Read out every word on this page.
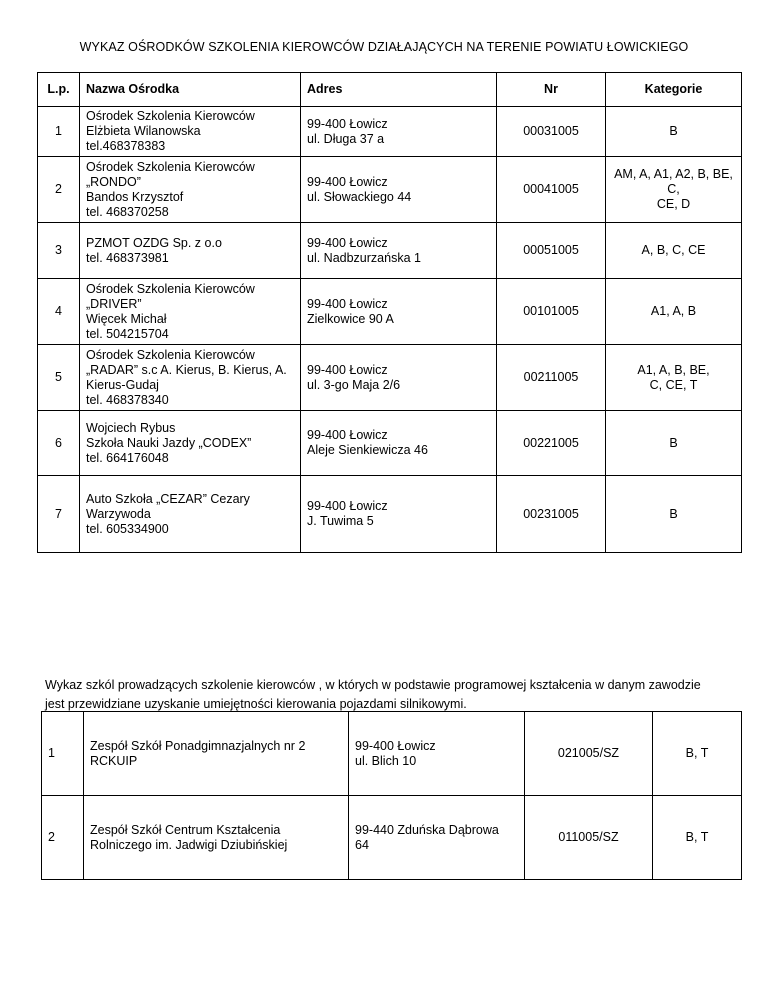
WYKAZ OŚRODKÓW SZKOLENIA KIEROWCÓW DZIAŁAJĄCYCH NA TERENIE POWIATU ŁOWICKIEGO
L.p.	Nazwa Ośrodka	Adres	Nr	Kategorie
1	Ośrodek Szkolenia Kierowców
Elżbieta Wilanowska
tel.468378383	99-400 Łowicz
ul. Długa 37 a	00031005	B

2	Ośrodek Szkolenia Kierowców
„RONDO”
Bandos Krzysztof
tel. 468370258	99-400 Łowicz
ul. Słowackiego 44	00041005	AM, A, A1, A2, B, BE, C,
CE, D

3	PZMOT OZDG Sp. z o.o
tel. 468373981	99-400 Łowicz
ul. Nadbzurzańska 1	00051005	A, B, C, CE

4	Ośrodek Szkolenia Kierowców
„DRIVER”
Więcek Michał
tel. 504215704	99-400 Łowicz
Zielkowice 90 A	00101005	A1, A, B

5	Ośrodek Szkolenia Kierowców
„RADAR” s.c A. Kierus, B. Kierus, A.
Kierus-Gudaj
tel. 468378340	99-400 Łowicz
ul. 3-go Maja 2/6	00211005	A1, A, B, BE,
C, CE, T

6	Wojciech Rybus
Szkoła Nauki Jazdy „CODEX”
tel. 664176048	99-400 Łowicz
Aleje Sienkiewicza 46	00221005	B

7	Auto Szkoła „CEZAR” Cezary
Warzywoda
tel. 605334900	99-400 Łowicz
J. Tuwima 5	00231005	B
Wykaz szkól prowadzących szkolenie kierowców , w których w podstawie programowej kształcenia w danym zawodzie
jest przewidziane uzyskanie umiejętności kierowania pojazdami silnikowymi.
1	Zespół Szkół Ponadgimnazjalnych nr 2
RCKUIP	99-400 Łowicz
ul. Blich 10	021005/SZ	B, T
2	Zespół Szkół Centrum Kształcenia
Rolniczego im. Jadwigi Dziubińskiej	99-440 Zduńska Dąbrowa
64	011005/SZ	B, T
